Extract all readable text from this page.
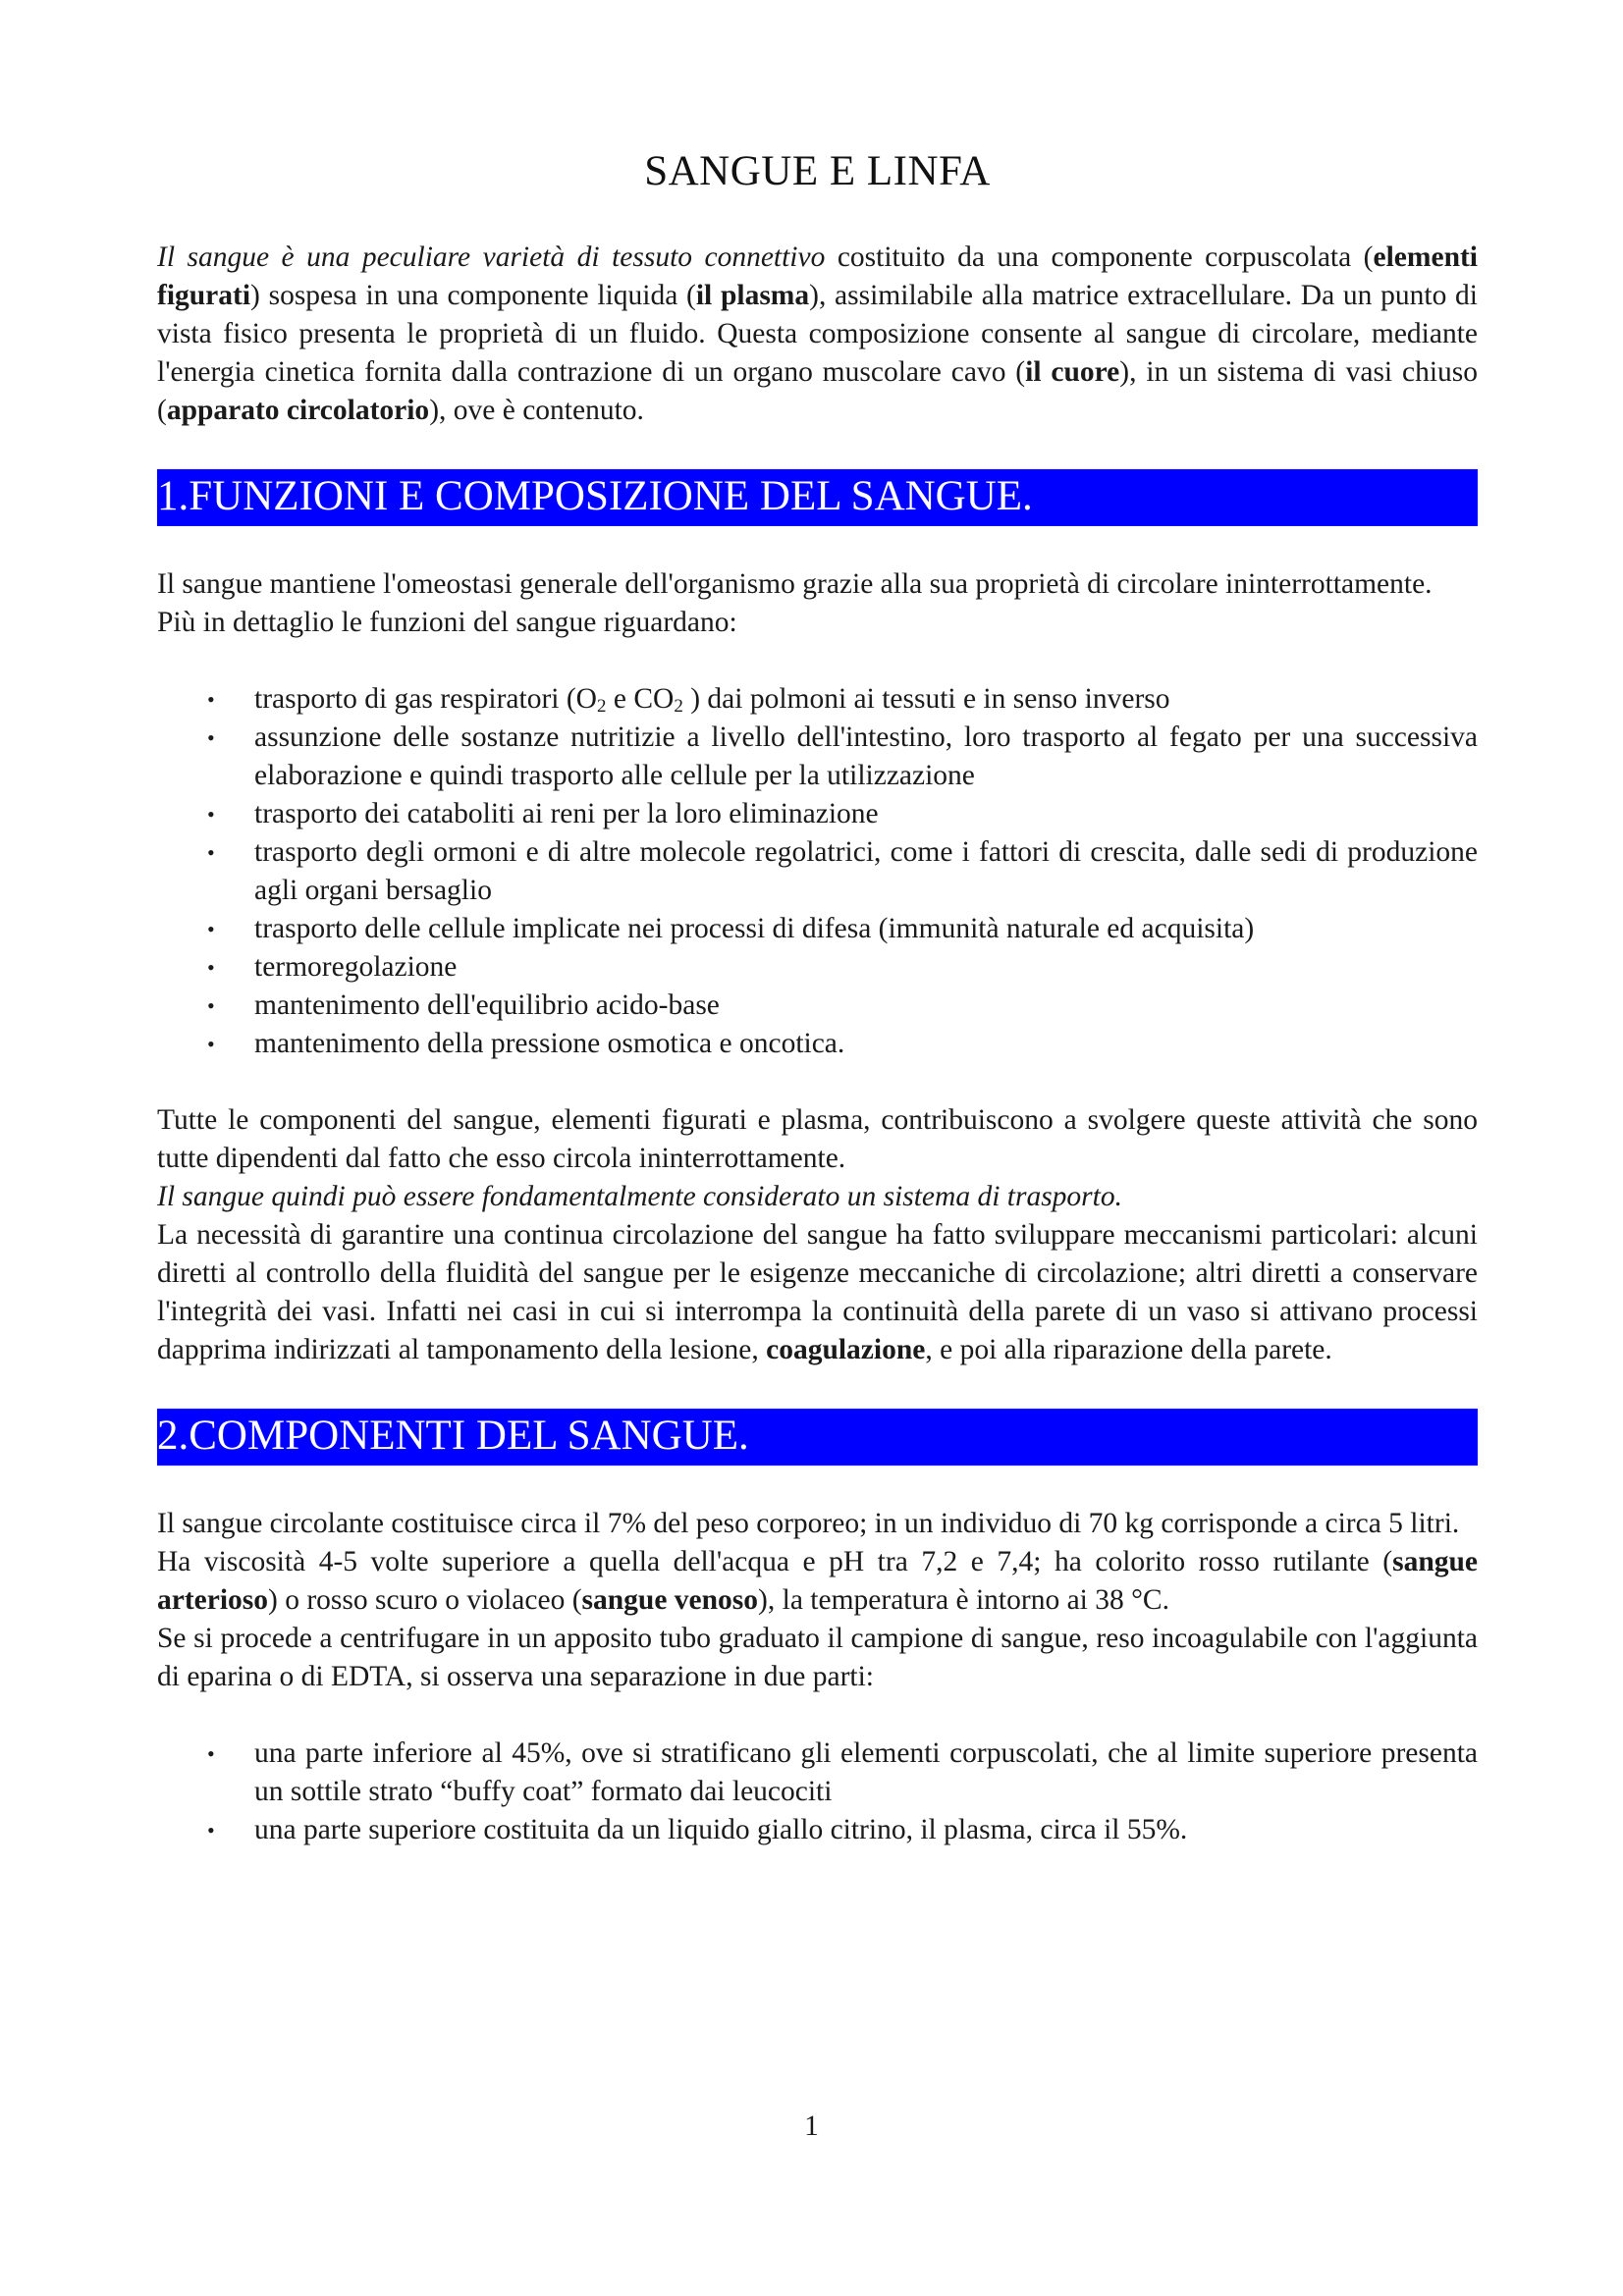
SANGUE E LINFA

Il sangue è una peculiare varietà di tessuto connettivo costituito da una componente corpuscolata (elementi figurati) sospesa in una componente liquida (il plasma), assimilabile alla matrice extracellulare. Da un punto di vista fisico presenta le proprietà di un fluido. Questa composizione consente al sangue di circolare, mediante l'energia cinetica fornita dalla contrazione di un organo muscolare cavo (il cuore), in un sistema di vasi chiuso (apparato circolatorio), ove è contenuto.

1.FUNZIONI E COMPOSIZIONE DEL SANGUE.

Il sangue mantiene l'omeostasi generale dell'organismo grazie alla sua proprietà di circolare ininterrottamente.

Più in dettaglio le funzioni del sangue riguardano:

• trasporto di gas respiratori ($O_2$ e $CO_2$ ) dai polmoni ai tessuti e in senso inverso
• assunzione delle sostanze nutritizie a livello dell'intestino, loro trasporto al fegato per una successiva elaborazione e quindi trasporto alle cellule per la utilizzazione
• trasporto dei cataboliti ai reni per la loro eliminazione
• trasporto degli ormoni e di altre molecole regolatrici, come i fattori di crescita, dalle sedi di produzione agli organi bersaglio
• trasporto delle cellule implicate nei processi di difesa (immunità naturale ed acquisita)
• termoregolazione
• mantenimento dell'equilibrio acido-base
• mantenimento della pressione osmotica e oncotica.

Tutte le componenti del sangue, elementi figurati e plasma, contribuiscono a svolgere queste attività che sono tutte dipendenti dal fatto che esso circola ininterrottamente.

Il sangue quindi può essere fondamentalmente considerato un sistema di trasporto.

La necessità di garantire una continua circolazione del sangue ha fatto sviluppare meccanismi particolari: alcuni diretti al controllo della fluidità del sangue per le esigenze meccaniche di circolazione; altri diretti a conservare l'integrità dei vasi. Infatti nei casi in cui si interrompa la continuità della parete di un vaso si attivano processi dapprima indirizzati al tamponamento della lesione, coagulazione, e poi alla riparazione della parete.

2.COMPONENTI DEL SANGUE.

Il sangue circolante costituisce circa il 7% del peso corporeo; in un individuo di 70 kg corrisponde a circa 5 litri.

Ha viscosità 4-5 volte superiore a quella dell'acqua e pH tra 7,2 e 7,4; ha colorito rosso rutilante (sangue arterioso) o rosso scuro o violaceo (sangue venoso), la temperatura è intorno ai 38 °C.

Se si procede a centrifugare in un apposito tubo graduato il campione di sangue, reso incoagulabile con l'aggiunta di eparina o di EDTA, si osserva una separazione in due parti:

• una parte inferiore al 45%, ove si stratificano gli elementi corpuscolati, che al limite superiore presenta un sottile strato “buffy coat” formato dai leucociti
• una parte superiore costituita da un liquido giallo citrino, il plasma, circa il 55%.
1
